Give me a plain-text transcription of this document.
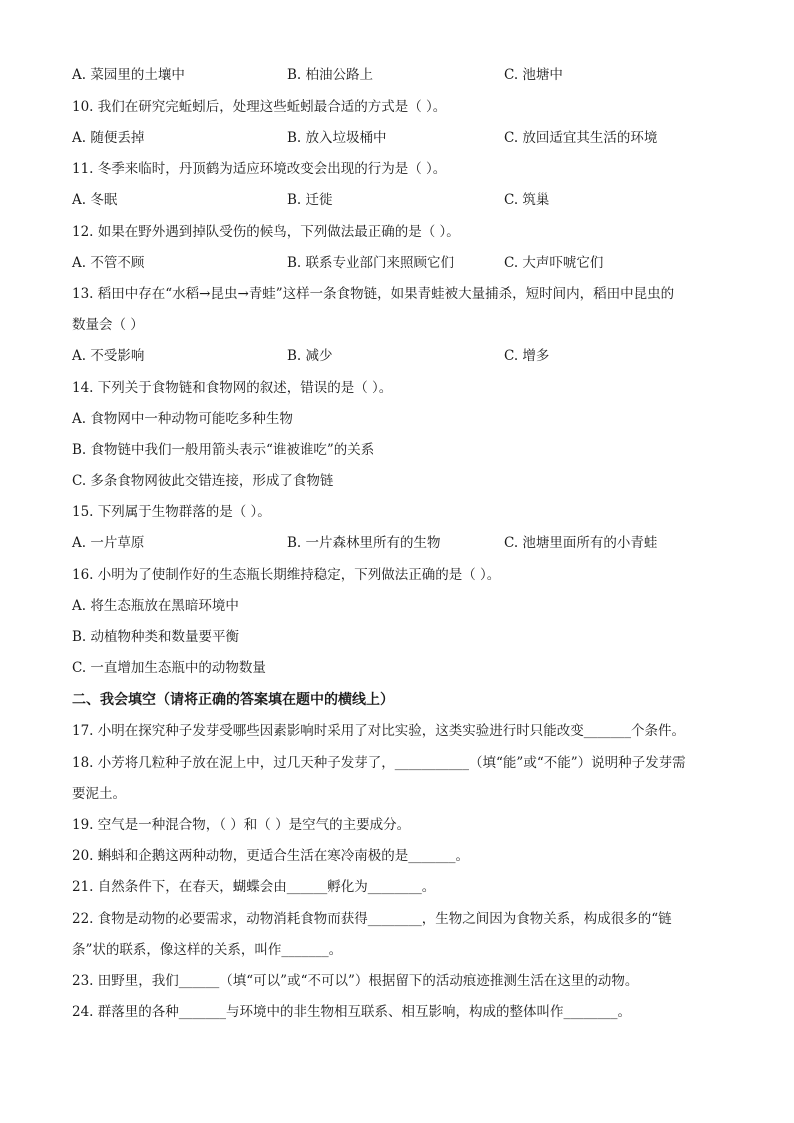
A. 菜园里的土壤中	B. 柏油公路上	C. 池塘中
10. 我们在研究完蚯蚓后，处理这些蚯蚓最合适的方式是（ ）。
A. 随便丢掉	B. 放入垃圾桶中	C. 放回适宜其生活的环境
11. 冬季来临时，丹顶鹤为适应环境改变会出现的行为是（ ）。
A. 冬眠	B. 迁徙	C. 筑巢
12. 如果在野外遇到掉队受伤的候鸟，下列做法最正确的是（ ）。
A. 不管不顾	B. 联系专业部门来照顾它们	C. 大声吓唬它们
13. 稻田中存在“水稻→昆虫→青蛙”这样一条食物链，如果青蛙被大量捕杀，短时间内，稻田中昆虫的
数量会（ ）
A. 不受影响	B. 减少	C. 增多
14. 下列关于食物链和食物网的叙述，错误的是（ ）。
A. 食物网中一种动物可能吃多种生物
B. 食物链中我们一般用箭头表示“谁被谁吃”的关系
C. 多条食物网彼此交错连接，形成了食物链
15. 下列属于生物群落的是（ ）。
A. 一片草原	B. 一片森林里所有的生物	C. 池塘里面所有的小青蛙
16. 小明为了使制作好的生态瓶长期维持稳定，下列做法正确的是（ ）。
A. 将生态瓶放在黑暗环境中
B. 动植物种类和数量要平衡
C. 一直增加生态瓶中的动物数量
二、我会填空（请将正确的答案填在题中的横线上）
17. 小明在探究种子发芽受哪些因素影响时采用了对比实验，这类实验进行时只能改变_______个条件。
18. 小芳将几粒种子放在泥上中，过几天种子发芽了，___________（填“能”或“不能”）说明种子发芽需
要泥土。
19. 空气是一种混合物，（ ）和（ ）是空气的主要成分。
20. 蝌蚪和企鹅这两种动物，更适合生活在寒冷南极的是_______。
21. 自然条件下，在春天，蝴蝶会由______孵化为________。
22. 食物是动物的必要需求，动物消耗食物而获得________，生物之间因为食物关系，构成很多的“链
条”状的联系，像这样的关系，叫作_______。
23. 田野里，我们______（填“可以”或“不可以”）根据留下的活动痕迹推测生活在这里的动物。
24. 群落里的各种_______与环境中的非生物相互联系、相互影响，构成的整体叫作________。
